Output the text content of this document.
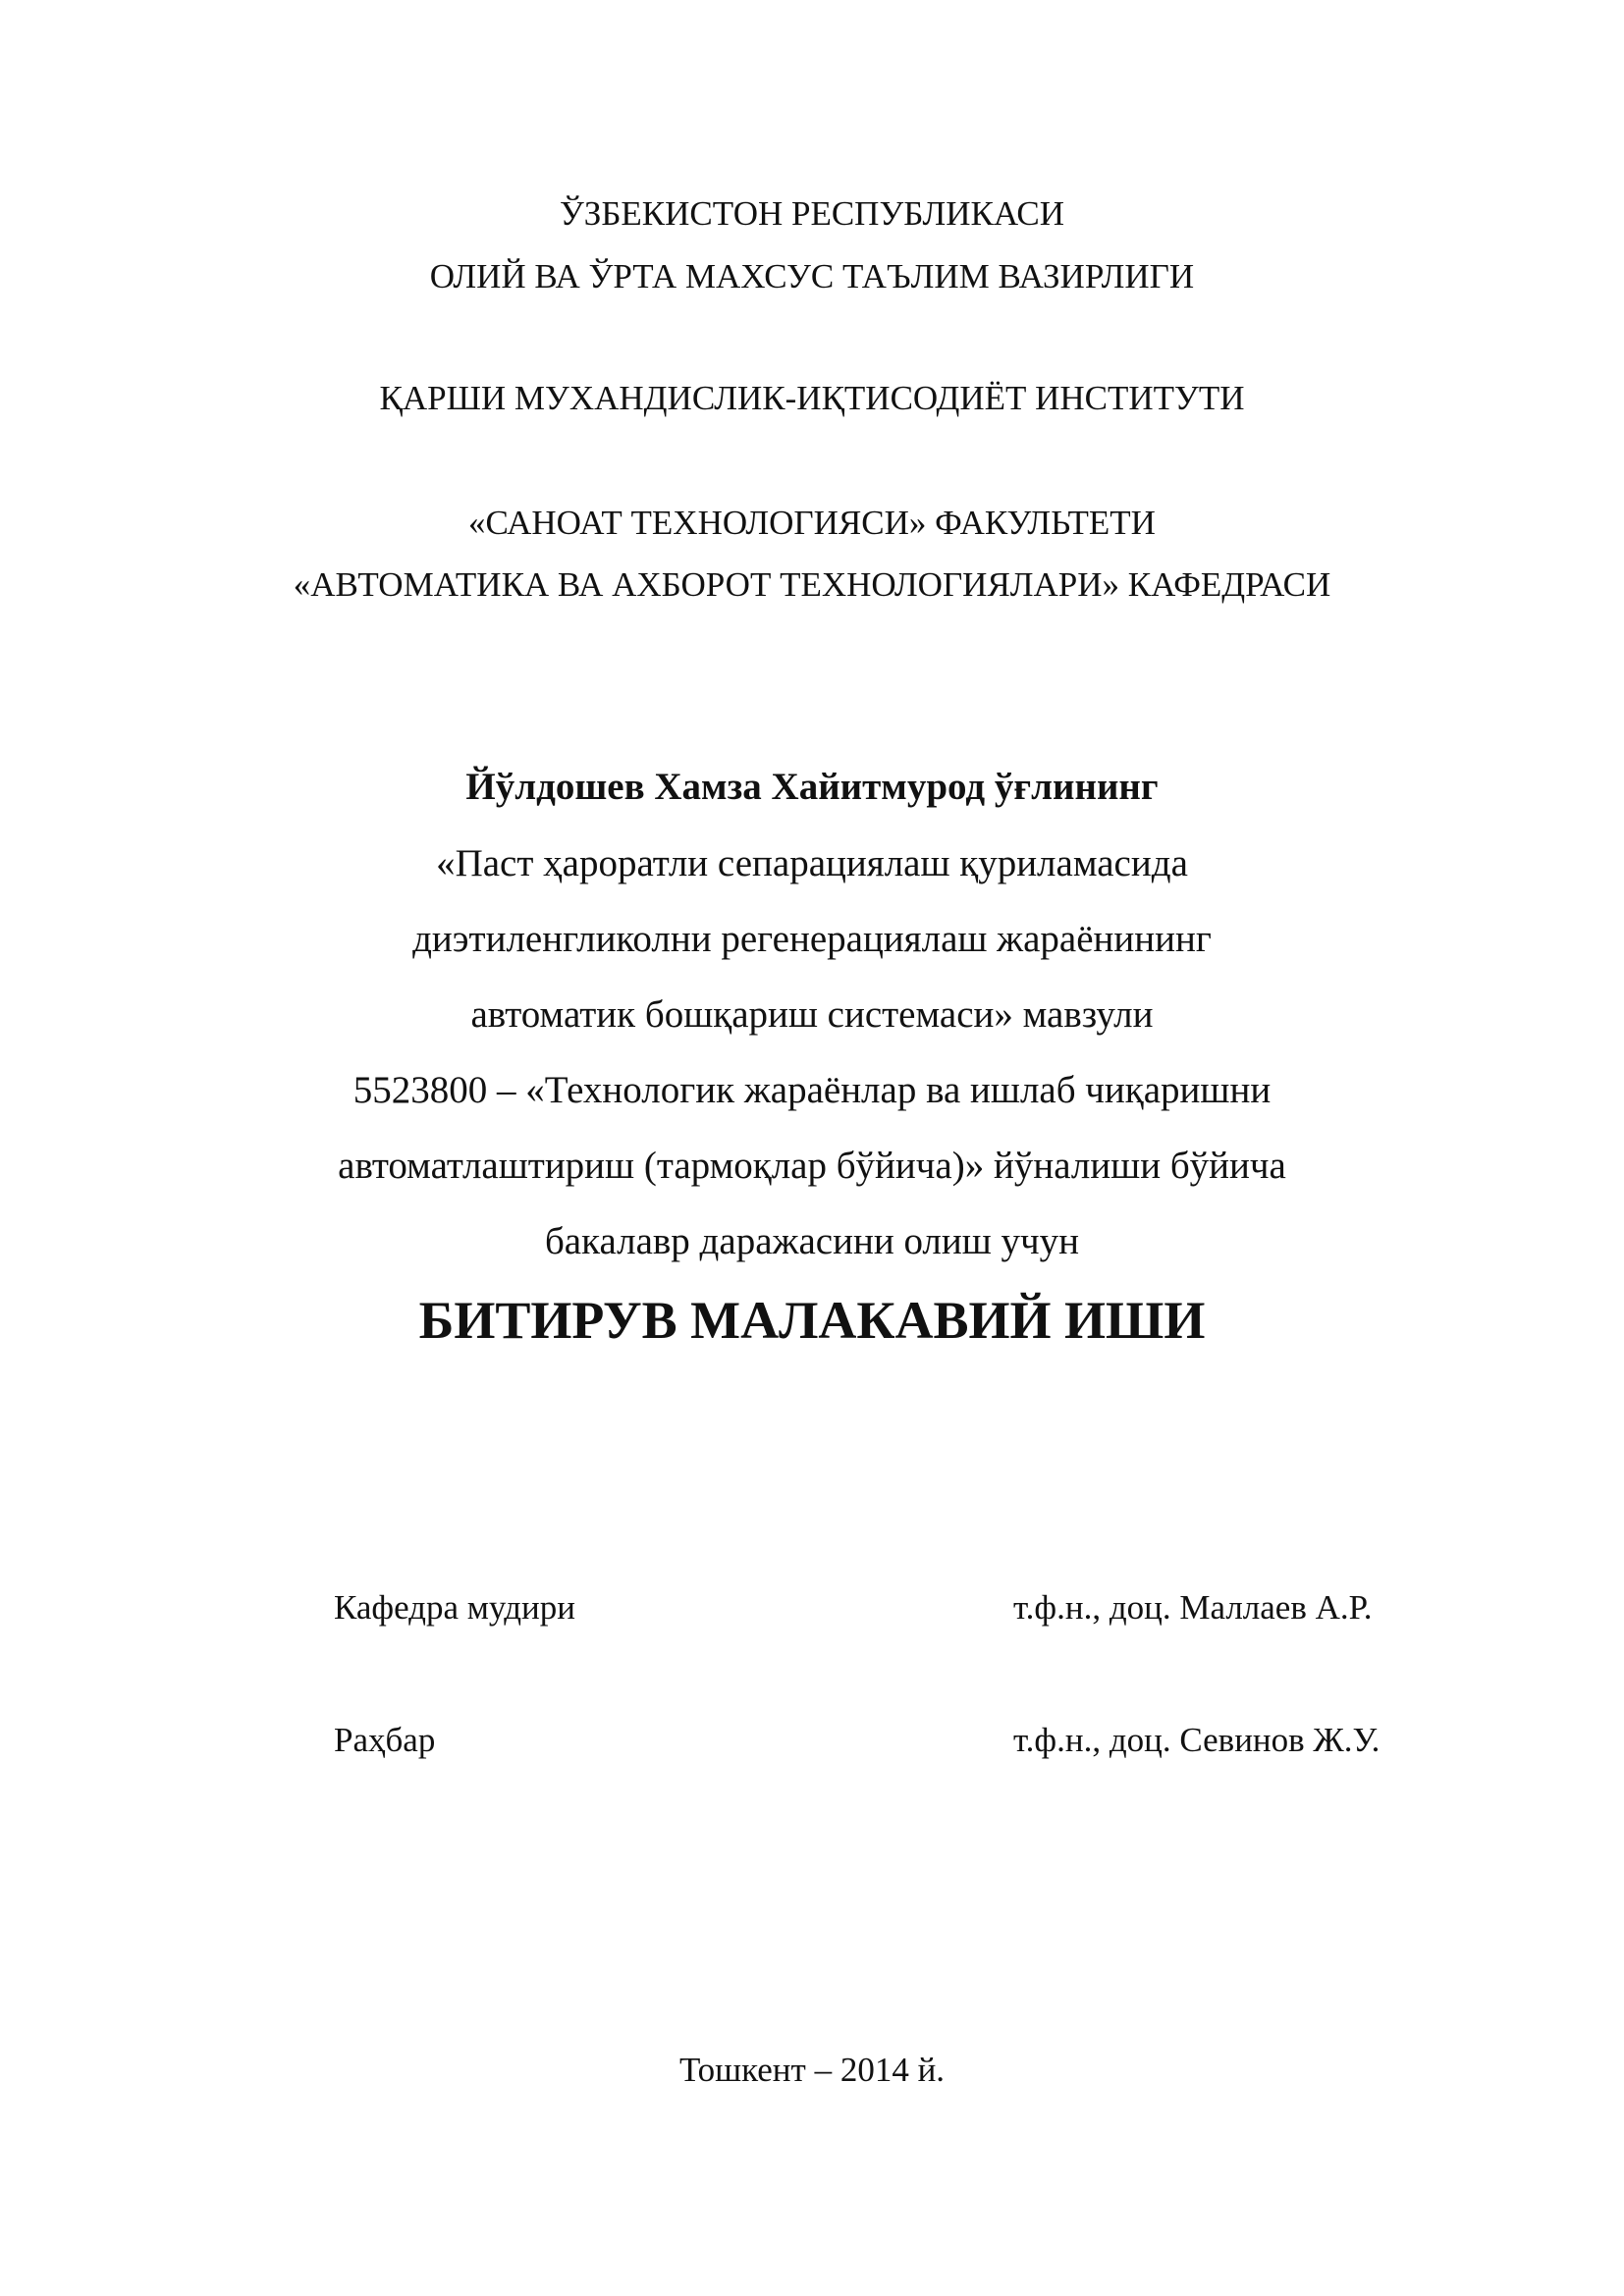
ЎЗБЕКИСТОН РЕСПУБЛИКАСИ
ОЛИЙ ВА ЎРТА МАХСУС ТАЪЛИМ ВАЗИРЛИГИ
ҚАРШИ МУХАНДИСЛИК-ИҚТИСОДИЁТ ИНСТИТУТИ
«САНОАТ ТЕХНОЛОГИЯСИ» ФАКУЛЬТЕТИ
«АВТОМАТИКА ВА АХБОРОТ ТЕХНОЛОГИЯЛАРИ» КАФЕДРАСИ
Йўлдошев Хамза Хайитмурод ўғлининг
«Паст ҳароратли сепарациялаш қуриламасида
диэтиленгликолни регенерациялаш жараёнининг
автоматик бошқариш системаси» мавзули
5523800 – «Технологик жараёнлар ва ишлаб чиқаришни
автоматлаштириш (тармоқлар бўйича)» йўналиши бўйича
бакалавр даражасини олиш учун
БИТИРУВ МАЛАКАВИЙ ИШИ
Кафедра мудири	т.ф.н., доц. Маллаев А.Р.
Раҳбар	т.ф.н., доц. Севинов Ж.У.
Тошкент – 2014 й.
